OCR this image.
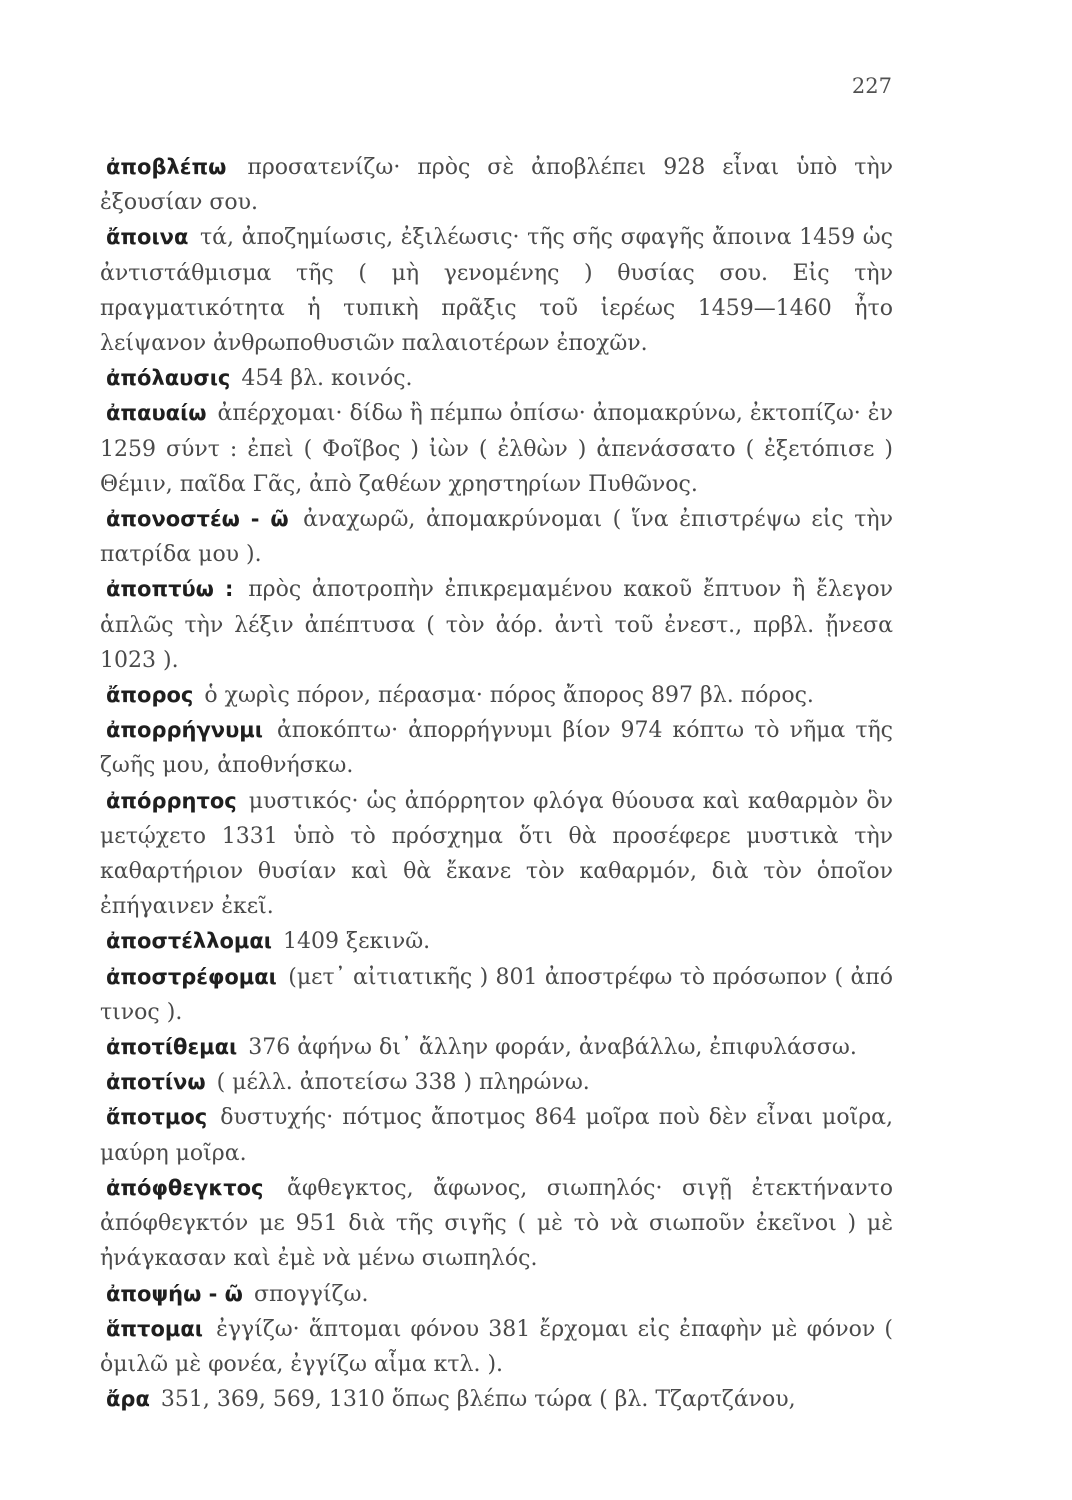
227

ἀποβλέπω προσατενίζω· πρὸς σὲ ἀποβλέπει 928 εἶναι ὑπὸ τὴν ἐξουσίαν σου.

ἄποινα τά, ἀποζημίωσις, ἐξιλέωσις· τῆς σῆς σφαγῆς ἄποινα 1459 ὡς ἀντιστάθμισμα τῆς ( μὴ γενομένης ) θυσίας σου. Εἰς τὴν πραγματικότητα ἡ τυπικὴ πρᾶξις τοῦ ἱερέως 1459—1460 ἦτο λείψανον ἀνθρωποθυσιῶν παλαιοτέρων ἐποχῶν.

ἀπόλαυσις 454 βλ. κοινός.

ἀπαυαίω ἀπέρχομαι· δίδω ἢ πέμπω ὀπίσω· ἀπομακρύνω, ἐκτοπίζω· ἐν 1259 σύντ : ἐπεὶ ( Φοῖβος ) ἰὼν ( ἐλθὼν ) ἀπενάσσατο ( ἐξετόπισε ) Θέμιν, παῖδα Γᾶς, ἀπὸ ζαθέων χρηστηρίων Πυθῶνος.

ἀπονοστέω - ῶ ἀναχωρῶ, ἀπομακρύνομαι ( ἵνα ἐπιστρέψω εἰς τὴν πατρίδα μου ).

ἀποπτύω : πρὸς ἀποτροπὴν ἐπικρεμαμένου κακοῦ ἔπτυον ἢ ἔλεγον ἁπλῶς τὴν λέξιν ἀπέπτυσα ( τὸν ἀόρ. ἀντὶ τοῦ ἐνεστ., πρβλ. ᾔνεσα 1023 ).

ἄπορος ὁ χωρὶς πόρον, πέρασμα· πόρος ἄπορος 897 βλ. πόρος.

ἀπορρήγνυμι ἀποκόπτω· ἀπορρήγνυμι βίον 974 κόπτω τὸ νῆμα τῆς ζωῆς μου, ἀποθνήσκω.

ἀπόρρητος μυστικός· ὡς ἀπόρρητον φλόγα θύουσα καὶ καθαρμὸν ὃν μετῴχετο 1331 ὑπὸ τὸ πρόσχημα ὅτι θὰ προσέφερε μυστικὰ τὴν καθαρτήριον θυσίαν καὶ θὰ ἔκανε τὸν καθαρμόν, διὰ τὸν ὁποῖον ἐπήγαινεν ἐκεῖ.

ἀποστέλλομαι 1409 ξεκινῶ.

ἀποστρέφομαι (μετ᾽ αἰτιατικῆς ) 801 ἀποστρέφω τὸ πρόσωπον ( ἀπό τινος ).

ἀποτίθεμαι 376 ἀφήνω δι᾽ ἄλλην φοράν, ἀναβάλλω, ἐπιφυλάσσω.

ἀποτίνω ( μέλλ. ἀποτείσω 338 ) πληρώνω.

ἄποτμος δυστυχής· πότμος ἄποτμος 864 μοῖρα ποὺ δὲν εἶναι μοῖρα, μαύρη μοῖρα.

ἀπόφθεγκτος ἄφθεγκτος, ἄφωνος, σιωπηλός· σιγῇ ἐτεκτήναντο ἀπόφθεγκτόν με 951 διὰ τῆς σιγῆς ( μὲ τὸ νὰ σιωποῦν ἐκεῖνοι ) μὲ ἠνάγκασαν καὶ ἐμὲ νὰ μένω σιωπηλός.

ἀποψήω - ῶ σπογγίζω.

ἅπτομαι ἐγγίζω· ἅπτομαι φόνου 381 ἔρχομαι εἰς ἐπαφὴν μὲ φόνον ( ὁμιλῶ μὲ φονέα, ἐγγίζω αἷμα κτλ. ).

ἄρα 351, 369, 569, 1310 ὅπως βλέπω τώρα ( βλ. Τζαρτζάνου,
